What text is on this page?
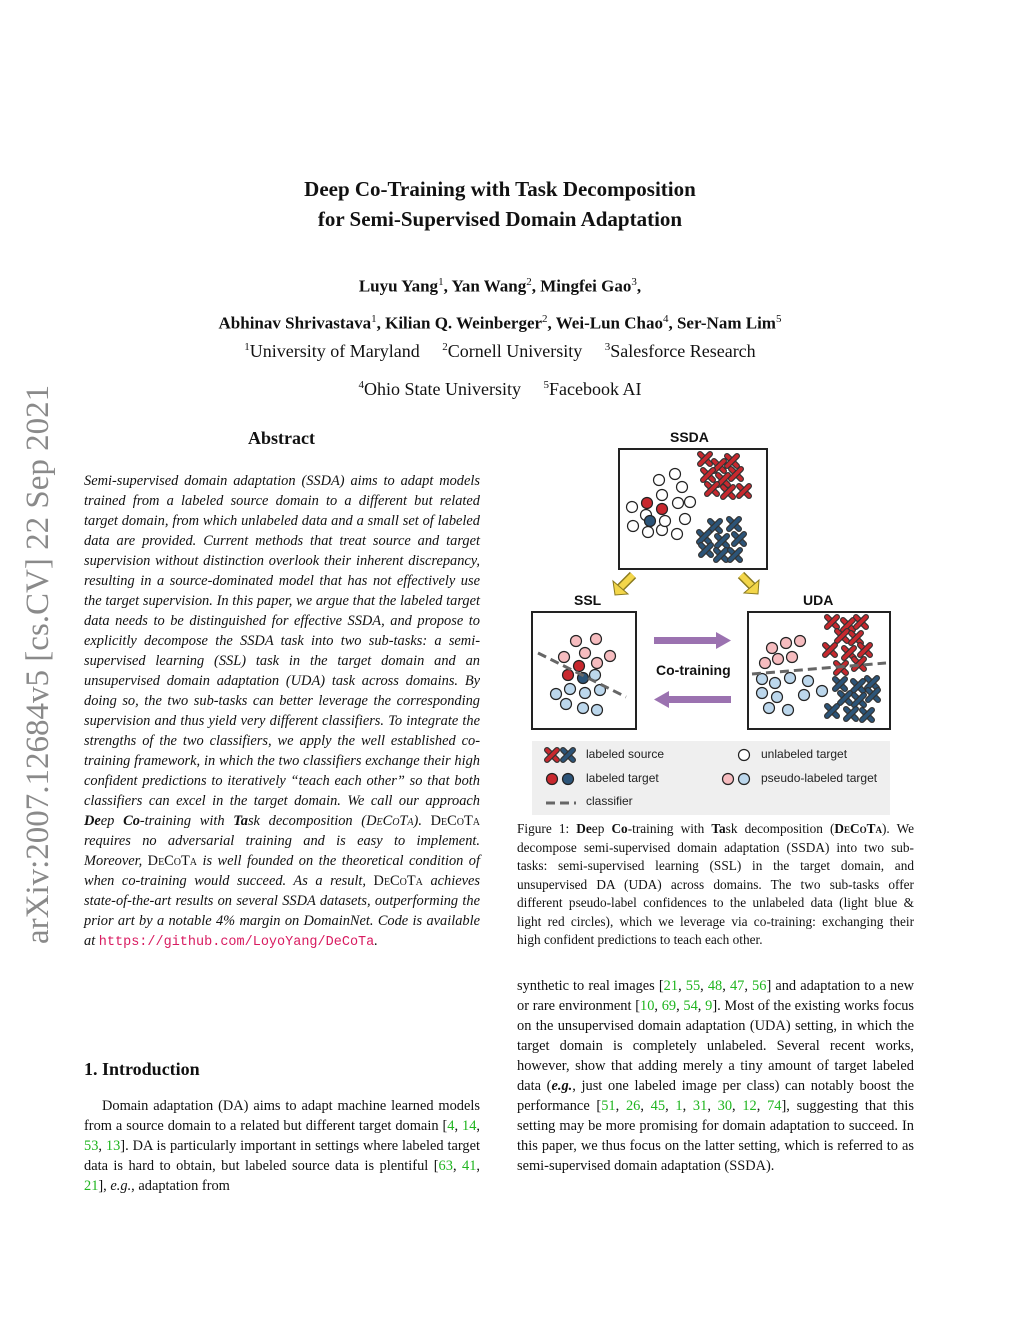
Deep Co-Training with Task Decomposition
for Semi-Supervised Domain Adaptation
Luyu Yang$^1$, Yan Wang$^2$, Mingfei Gao$^3$,
Abhinav Shrivastava$^1$, Kilian Q. Weinberger$^2$, Wei-Lun Chao$^4$, Ser-Nam Lim$^5$
$^1$University of Maryland $^2$Cornell University $^3$Salesforce Research
$^4$Ohio State University $^5$Facebook AI
arXiv:2007.12684v5 [cs.CV] 22 Sep 2021	Abstract
Semi-supervised domain adaptation (SSDA) aims to adapt models trained from a labeled source domain to a different but related target domain, from which unlabeled data and a small set of labeled data are provided. Current methods that treat source and target supervision without distinction overlook their inherent discrepancy, resulting in a source-dominated model that has not effectively use the target supervision. In this paper, we argue that the labeled target data needs to be distinguished for effective SSDA, and propose to explicitly decompose the SSDA task into two sub-tasks: a semi-supervised learning (SSL) task in the target domain and an unsupervised domain adaptation (UDA) task across domains. By doing so, the two sub-tasks can better leverage the corresponding supervision and thus yield very different classifiers. To integrate the strengths of the two classifiers, we apply the well established co-training framework, in which the two classifiers exchange their high confident predictions to iteratively “teach each other” so that both classifiers can excel in the target domain. We call our approach Deep Co-training with Task decomposition (DeCoTa). DeCoTa requires no adversarial training and is easy to implement. Moreover, DeCoTa is well founded on the theoretical condition of when co-training would succeed. As a result, DeCoTa achieves state-of-the-art results on several SSDA datasets, outperforming the prior art by a notable 4% margin on DomainNet. Code is available at https://github.com/LoyoYang/DeCoTa.
1. Introduction
Domain adaptation (DA) aims to adapt machine learned models from a source domain to a related but different target domain [4, 14, 53, 13]. DA is particularly important in settings where labeled target data is hard to obtain, but labeled source data is plentiful [63, 41, 21], e.g., adaptation from
synthetic to real images [21, 55, 48, 47, 56] and adaptation to a new or rare environment [10, 69, 54, 9]. Most of the existing works focus on the unsupervised domain adaptation (UDA) setting, in which the target domain is completely unlabeled. Several recent works, however, show that adding merely a tiny amount of target labeled data (e.g., just one labeled image per class) can notably boost the performance [51, 26, 45, 1, 31, 30, 12, 74], suggesting that this setting may be more promising for domain adaptation to succeed. In this paper, we thus focus on the latter setting, which is referred to as semi-supervised domain adaptation (SSDA).
SSDA
SSL	UDA
Co-training
labeled source
labeled target
classifier
unlabeled target
pseudo-labeled target
Figure 1: Deep Co-training with Task decomposition (DeCoTa). We decompose semi-supervised domain adaptation (SSDA) into two sub-tasks: semi-supervised learning (SSL) in the target domain, and unsupervised DA (UDA) across domains. The two sub-tasks offer different pseudo-label confidences to the unlabeled data (light blue & light red circles), which we leverage via co-training: exchanging their high confident predictions to teach each other.
